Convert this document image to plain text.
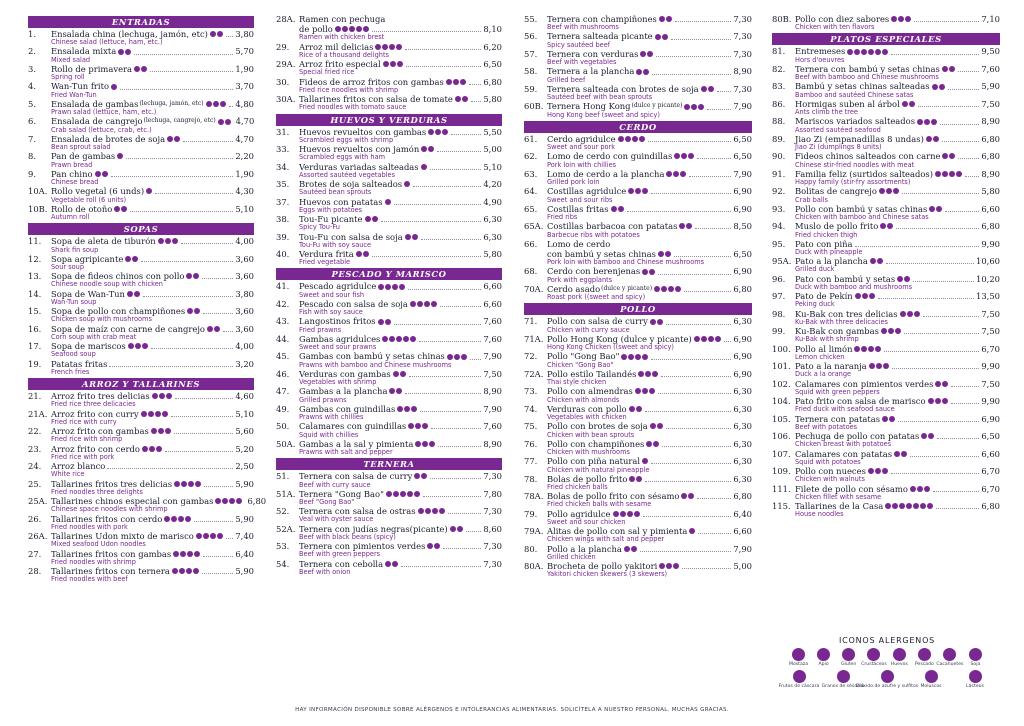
ENTRADAS
1.	Ensalada china (lechuga, jamón, etc)	3,80
Chinese salad (lettuce, ham, etc.)
2.	Ensalada mixta	5,70
Mixed salad
3.	Rollo de primavera	1,90
Spring roll
4.	Wan-Tun frito	3,70
Fried Wan-Tun
5.	Ensalada de gambas (lechuga, jamón, etc)	4,80
Prawn salad (lettuce, ham, etc.)
6.	Ensalada de cangrejo (lechuga, cangrejo, etc) 4,70
Crab salad (lettuce, crab, etc.)
7.	Ensalada de brotes de soja	4,70
Bean sprout salad
8.	Pan de gambas	2,20
Prawn bread
9.	Pan chino	1,90
Chinese bread
10A. Rollo vegetal (6 unds)	4,30
Vegetable roll (6 units)
10B. Rollo de otoño	5,10
Autumn roll
SOPAS
11.	Sopa de aleta de tiburón	4,00
Shark fin soup
12.	Sopa agripicante	3,60
Sour soup
13.	Sopa de fideos chinos con pollo	3,60
Chinese noodle soup with chicken
14.	Sopa de Wan-Tun	3,80
Wan-Tun soup
15.	Sopa de pollo con champiñones	3,60
Chicken soup with mushrooms
16.	Sopa de maíz con carne de cangrejo	3,60
Corn soup with crab meat
17.	Sopa de mariscos	4,00
Seafood soup
19.	Patatas fritas	3,20
French fries
ARROZ Y TALLARINES
21.	Arroz frito tres delicias	4,60
Fried rice three delicacies
21A. Arroz frito con curry	5,10
Fried rice with curry
22.	Arroz frito con gambas	5,60
Fried rice with shrimp
23.	Arroz frito con cerdo	5,20
Fried rice with pork
24.	Arroz blanco	2,50
White rice
25.	Tallarines fritos tres delicias	5,90
Fried noodles three delights
25A. Tallarines chinos especial con gambas	6,80
Chinese space noodles with shrimp
26.	Tallarines fritos con cerdo	5,90
Fried noodles with pork
26A. Tallarines Udon mixto de marisco	7,40
Mixed seafood Udon noodles
27.	Tallarines fritos con gambas	6,40
Fried noodles with shrimp
28.	Tallarines fritos con ternera	5,90
Fried noodles with beef
28A. Ramen con pechuga
de pollo	8,10
Ramen with chicken brest
29.	Arroz mil delicias	6,20
Rice of a thousand delights
29A. Arroz frito especial	6,50
Special fried rice
30.	Fideos de arroz fritos con gambas	6,80
Fried rice noodles with shrimp
30A. Tallarines fritos con salsa de tomate	5,80
Fried noodles with tomato sauce
HUEVOS Y VERDURAS
31.	Huevos revueltos con gambas	5,50
Scrambled eggs with shrimp
33.	Huevos revueltos con jamón	5,00
Scrambled eggs with ham
34.	Verduras variadas salteadas	5,10
Assorted sautéed vegetables
35.	Brotes de soja salteados	4,20
Sautéed bean sprouts
37.	Huevos con patatas	4,90
Eggs with potatoes
38.	Tou-Fu picante	6,30
Spicy Tou-Fu
39.	Tou-Fu con salsa de soja	6,30
Tou-Fu with soy sauce
40.	Verdura frita	5,80
Fried vegetable
PESCADO Y MARISCO
41.	Pescado agridulce	6,60
Sweet and sour fish
42.	Pescado con salsa de soja	6,60
Fish with soy sauce
43.	Langostinos fritos	7,60
Fried prawns
44.	Gambas agridulces	7,60
Sweet and sour prawns
45.	Gambas con bambú y setas chinas	7,90
Prawns with bamboo and Chinese mushrooms
46.	Verduras con gambas	7,50
Vegetables with shrimp
47.	Gambas a la plancha	8,90
Grilled prawns
49.	Gambas con guindillas	7,90
Prawns with chillies
50.	Calamares con guindillas	7,60
Squid with chillies
50A. Gambas a la sal y pimienta	8,90
Prawns with salt and pepper
TERNERA
51.	Ternera con salsa de curry	7,30
Beef with curry sauce
51A. Ternera "Gong Bao"	7,80
Beef "Gong Bao"
52.	Ternera con salsa de ostras	7,30
Veal with oyster sauce
52A. Ternera con judías negras(picante)	8,60
Beef with black beans (spicy)
53.	Ternera con pimientos verdes	7,30
Beef with green peppers
54.	Ternera con cebolla	7,30
Beef with onion
55.	Ternera con champiñones	7,30
Beef with mushrooms
56.	Ternera salteada picante	7,30
Spicy sautéed beef
57.	Ternera con verduras	7,30
Beef with vegetables
58.	Ternera a la plancha	8,90
Grilled beef
59.	Ternera salteada con brotes de soja	7,30
Sautéed beef with bean sprouts
60B. Ternera Hong Kong (dulce y picante)	7,90
Hong Kong beef (sweet and spicy)
CERDO
61.	Cerdo agridulce	6,50
Sweet and sour pork
62.	Lomo de cerdo con guindillas	6,50
Pork loin with chillies
63.	Lomo de cerdo a la plancha	7,90
Grilled pork loin
64.	Costillas agridulce	6,90
Sweet and sour ribs
65.	Costillas fritas	6,90
Fried ribs
65A. Costillas barbacoa con patatas	8,50
Barbecue ribs with potatoes
66.	Lomo de cerdo
con bambú y setas chinas	6,50
Pork loin with bamboo and Chinese mushrooms
68.	Cerdo con berenjenas	6,90
Pork with eggplants
70A. Cerdo asado (dulce y picante)	6,80
Roast pork ((sweet and spicy)
POLLO
71.	Pollo con salsa de curry	6,30
Chicken with curry sauce
71A. Pollo Hong Kong (dulce y picante)	6,90
Hong Kong Chicken ((sweet and spicy)
72.	Pollo "Gong Bao"	6,90
Chicken "Gong Bao"
72A. Pollo estilo Tailandés	6,90
Thai style chicken
73.	Pollo con almendras	6,30
Chicken with almonds
74.	Verduras con pollo	6,30
Vegetables with chicken
75.	Pollo con brotes de soja	6,30
Chicken with bean sprouts
76.	Pollo con champiñones	6,30
Chicken with mushrooms
77.	Pollo con piña natural	6,30
Chicken with natural pineapple
78.	Bolas de pollo frito	6,30
Fried chicken balls
78A. Bolas de pollo frito con sésamo	6,80
Fried chicken balls with sesame
79.	Pollo agridulce	6,40
Sweet and sour chicken
79A. Alitas de pollo con sal y pimienta	6,60
Chicken wings with salt and pepper
80.	Pollo a la plancha	7,90
Grilled chicken
80A. Brocheta de pollo yakitori	5,00
Yakitori chicken skewers (3 skewers)
80B. Pollo con diez sabores	7,10
Chicken with ten flavors
PLATOS ESPECIALES
81.	Entremeses	9,50
Hors d'oeuvres
82.	Ternera con bambú y setas chinas	7,60
Beef with bamboo and Chinese mushrooms
83.	Bambú y setas chinas salteadas	5,90
Bamboo and sautéed Chinese satas
86.	Hormigas suben al árbol	7,50
Ants climb the tree
88.	Mariscos variados salteados	8,90
Assorted sautéed seafood
89.	Jiao Zi (empanadillas 8 undas)	6,80
Jiao Zi (dumplings 8 units)
90.	Fideos chinos salteados con carne	6,80
Chinese stir-fried noodles with meat
91.	Familia feliz (surtidos salteados)	8,90
Happy family (stir-fry assortments)
92.	Bolitas de cangrejo	5,80
Crab balls
93.	Pollo con bambú y satas chinas	6,60
Chicken with bamboo and Chinese satas
94.	Muslo de pollo frito	6,80
Fried chicken thigh
95.	Pato con piña	9,90
Duck with pineapple
95A. Pato a la plancha	10,60
Grilled duck
96.	Pato con bambú y setas	10,20
Duck with bamboo and mushrooms
97.	Pato de Pekín	13,50
Peking duck
98.	Ku-Bak con tres delicias	7,50
Ku-Bak with three delicacies
99.	Ku-Bak con gambas	7,50
Ku-Bak with shrimp
100. Pollo al limón	6,70
Lemon chicken
101. Pato a la naranja	9,90
Duck a la orange
102. Calamares con pimientos verdes	7,50
Squid with green peppers
104. Pato frito con salsa de marisco	9,90
Fried duck with seafood sauce
105. Ternera con patatas	6,90
Beef with potatoes
106. Pechuga de pollo con patatas	6,50
Chicken breast with potatoes
107. Calamares con patatas	6,60
Squid with potatoes
109. Pollo con nueces	6,70
Chicken with walnuts
111. Filete de pollo con sésamo	6,70
Chicken fillet with sesame
115. Tallarines de la Casa	6,80
House noodles
ICONOS ALERGENOS
Mostaza Apio	Gluten Crustáceos Huevos Pescado Cacahuetes Soja
Frutos de cáscara Granos de sésamo
Dióxido de azufre y sulfitos Moluscos	Lácteos
HAY INFORMACIÓN DISPONIBLE SOBRE ALÉRGENOS E INTOLERANCIAS ALIMENTARIAS. SOLICÍTELA A NUESTRO PERSONAL. MUCHAS GRACIAS.
